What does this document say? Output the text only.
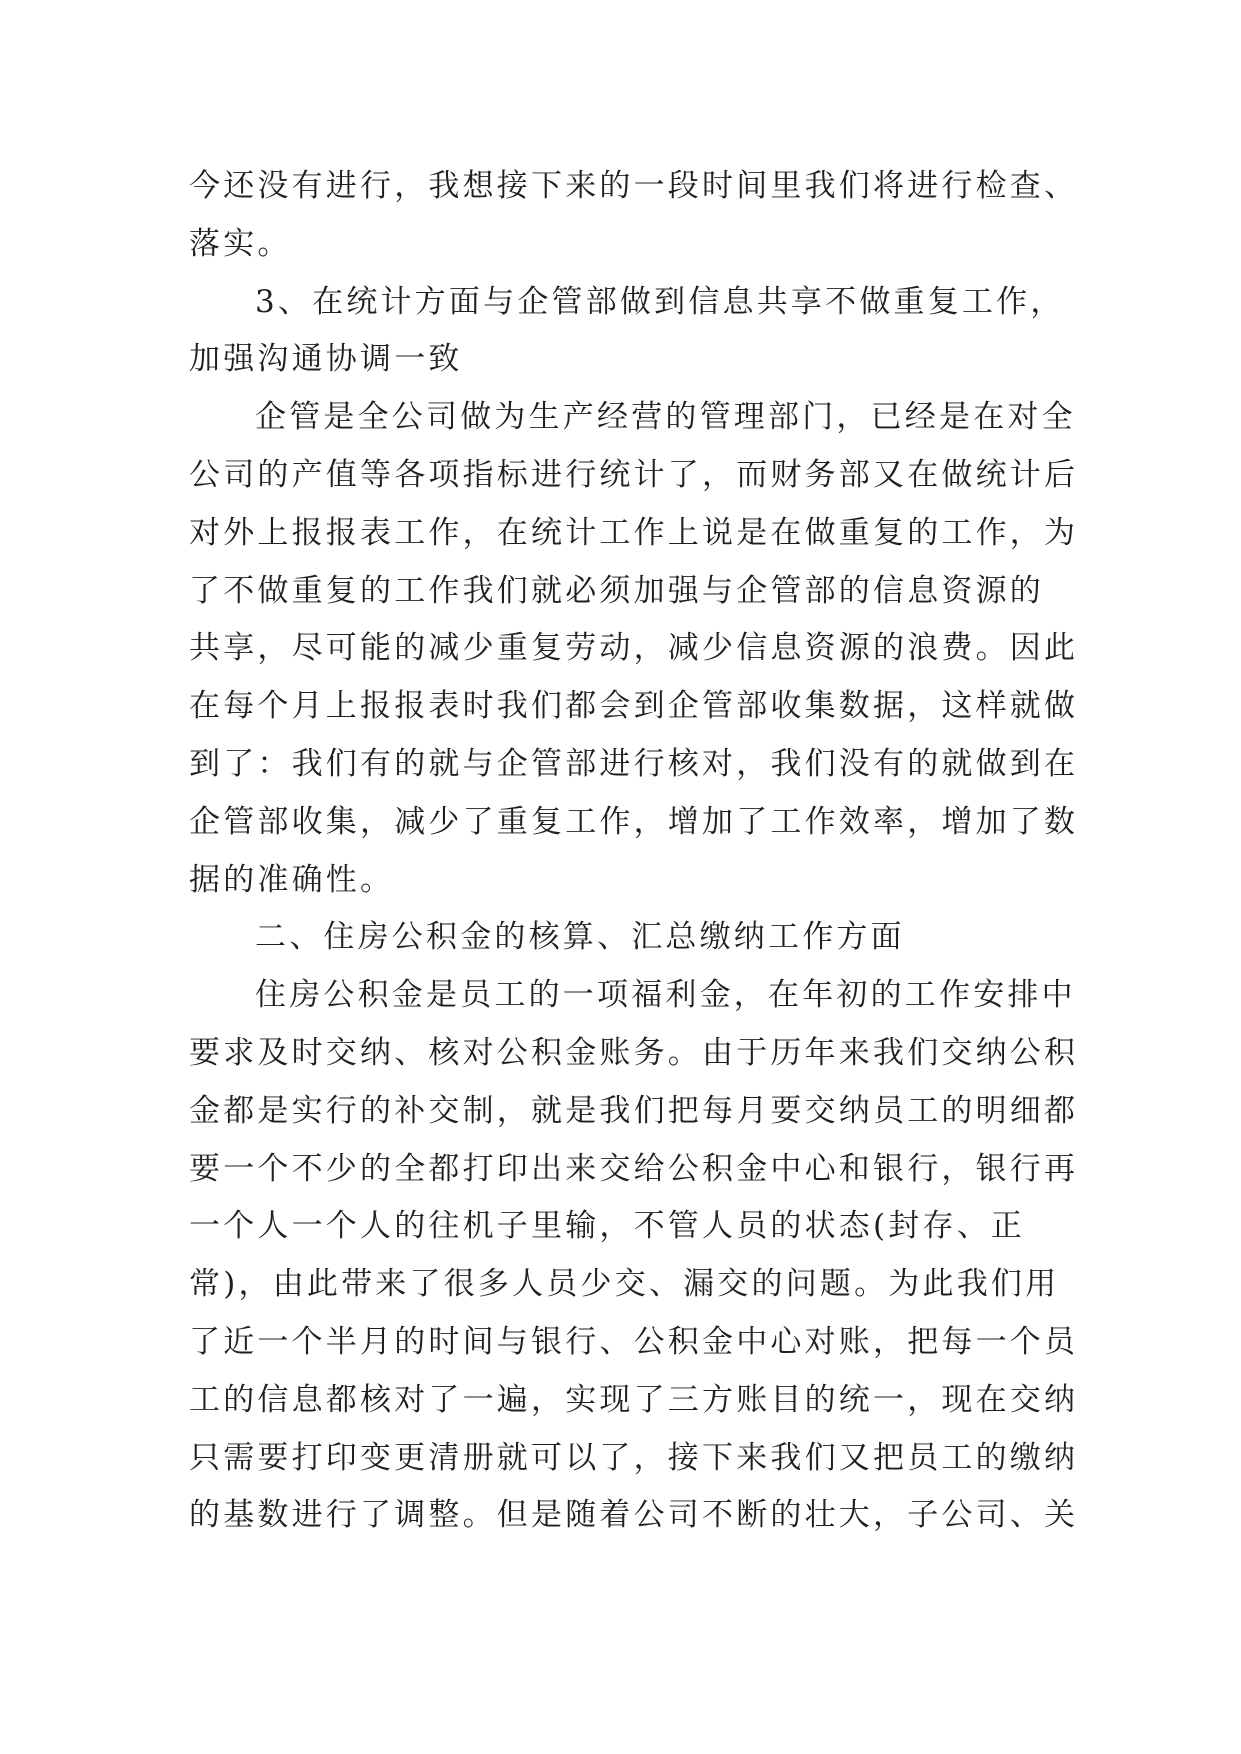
今还没有进行，我想接下来的一段时间里我们将进行检查、
落实。
3、在统计方面与企管部做到信息共享不做重复工作，
加强沟通协调一致
企管是全公司做为生产经营的管理部门，已经是在对全
公司的产值等各项指标进行统计了，而财务部又在做统计后
对外上报报表工作，在统计工作上说是在做重复的工作，为
了不做重复的工作我们就必须加强与企管部的信息资源的
共享，尽可能的减少重复劳动，减少信息资源的浪费。因此
在每个月上报报表时我们都会到企管部收集数据，这样就做
到了：我们有的就与企管部进行核对，我们没有的就做到在
企管部收集，减少了重复工作，增加了工作效率，增加了数
据的准确性。
二、住房公积金的核算、汇总缴纳工作方面
住房公积金是员工的一项福利金，在年初的工作安排中
要求及时交纳、核对公积金账务。由于历年来我们交纳公积
金都是实行的补交制，就是我们把每月要交纳员工的明细都
要一个不少的全都打印出来交给公积金中心和银行，银行再
一个人一个人的往机子里输，不管人员的状态(封存、正
常)，由此带来了很多人员少交、漏交的问题。为此我们用
了近一个半月的时间与银行、公积金中心对账，把每一个员
工的信息都核对了一遍，实现了三方账目的统一，现在交纳
只需要打印变更清册就可以了，接下来我们又把员工的缴纳
的基数进行了调整。但是随着公司不断的壮大，子公司、关
